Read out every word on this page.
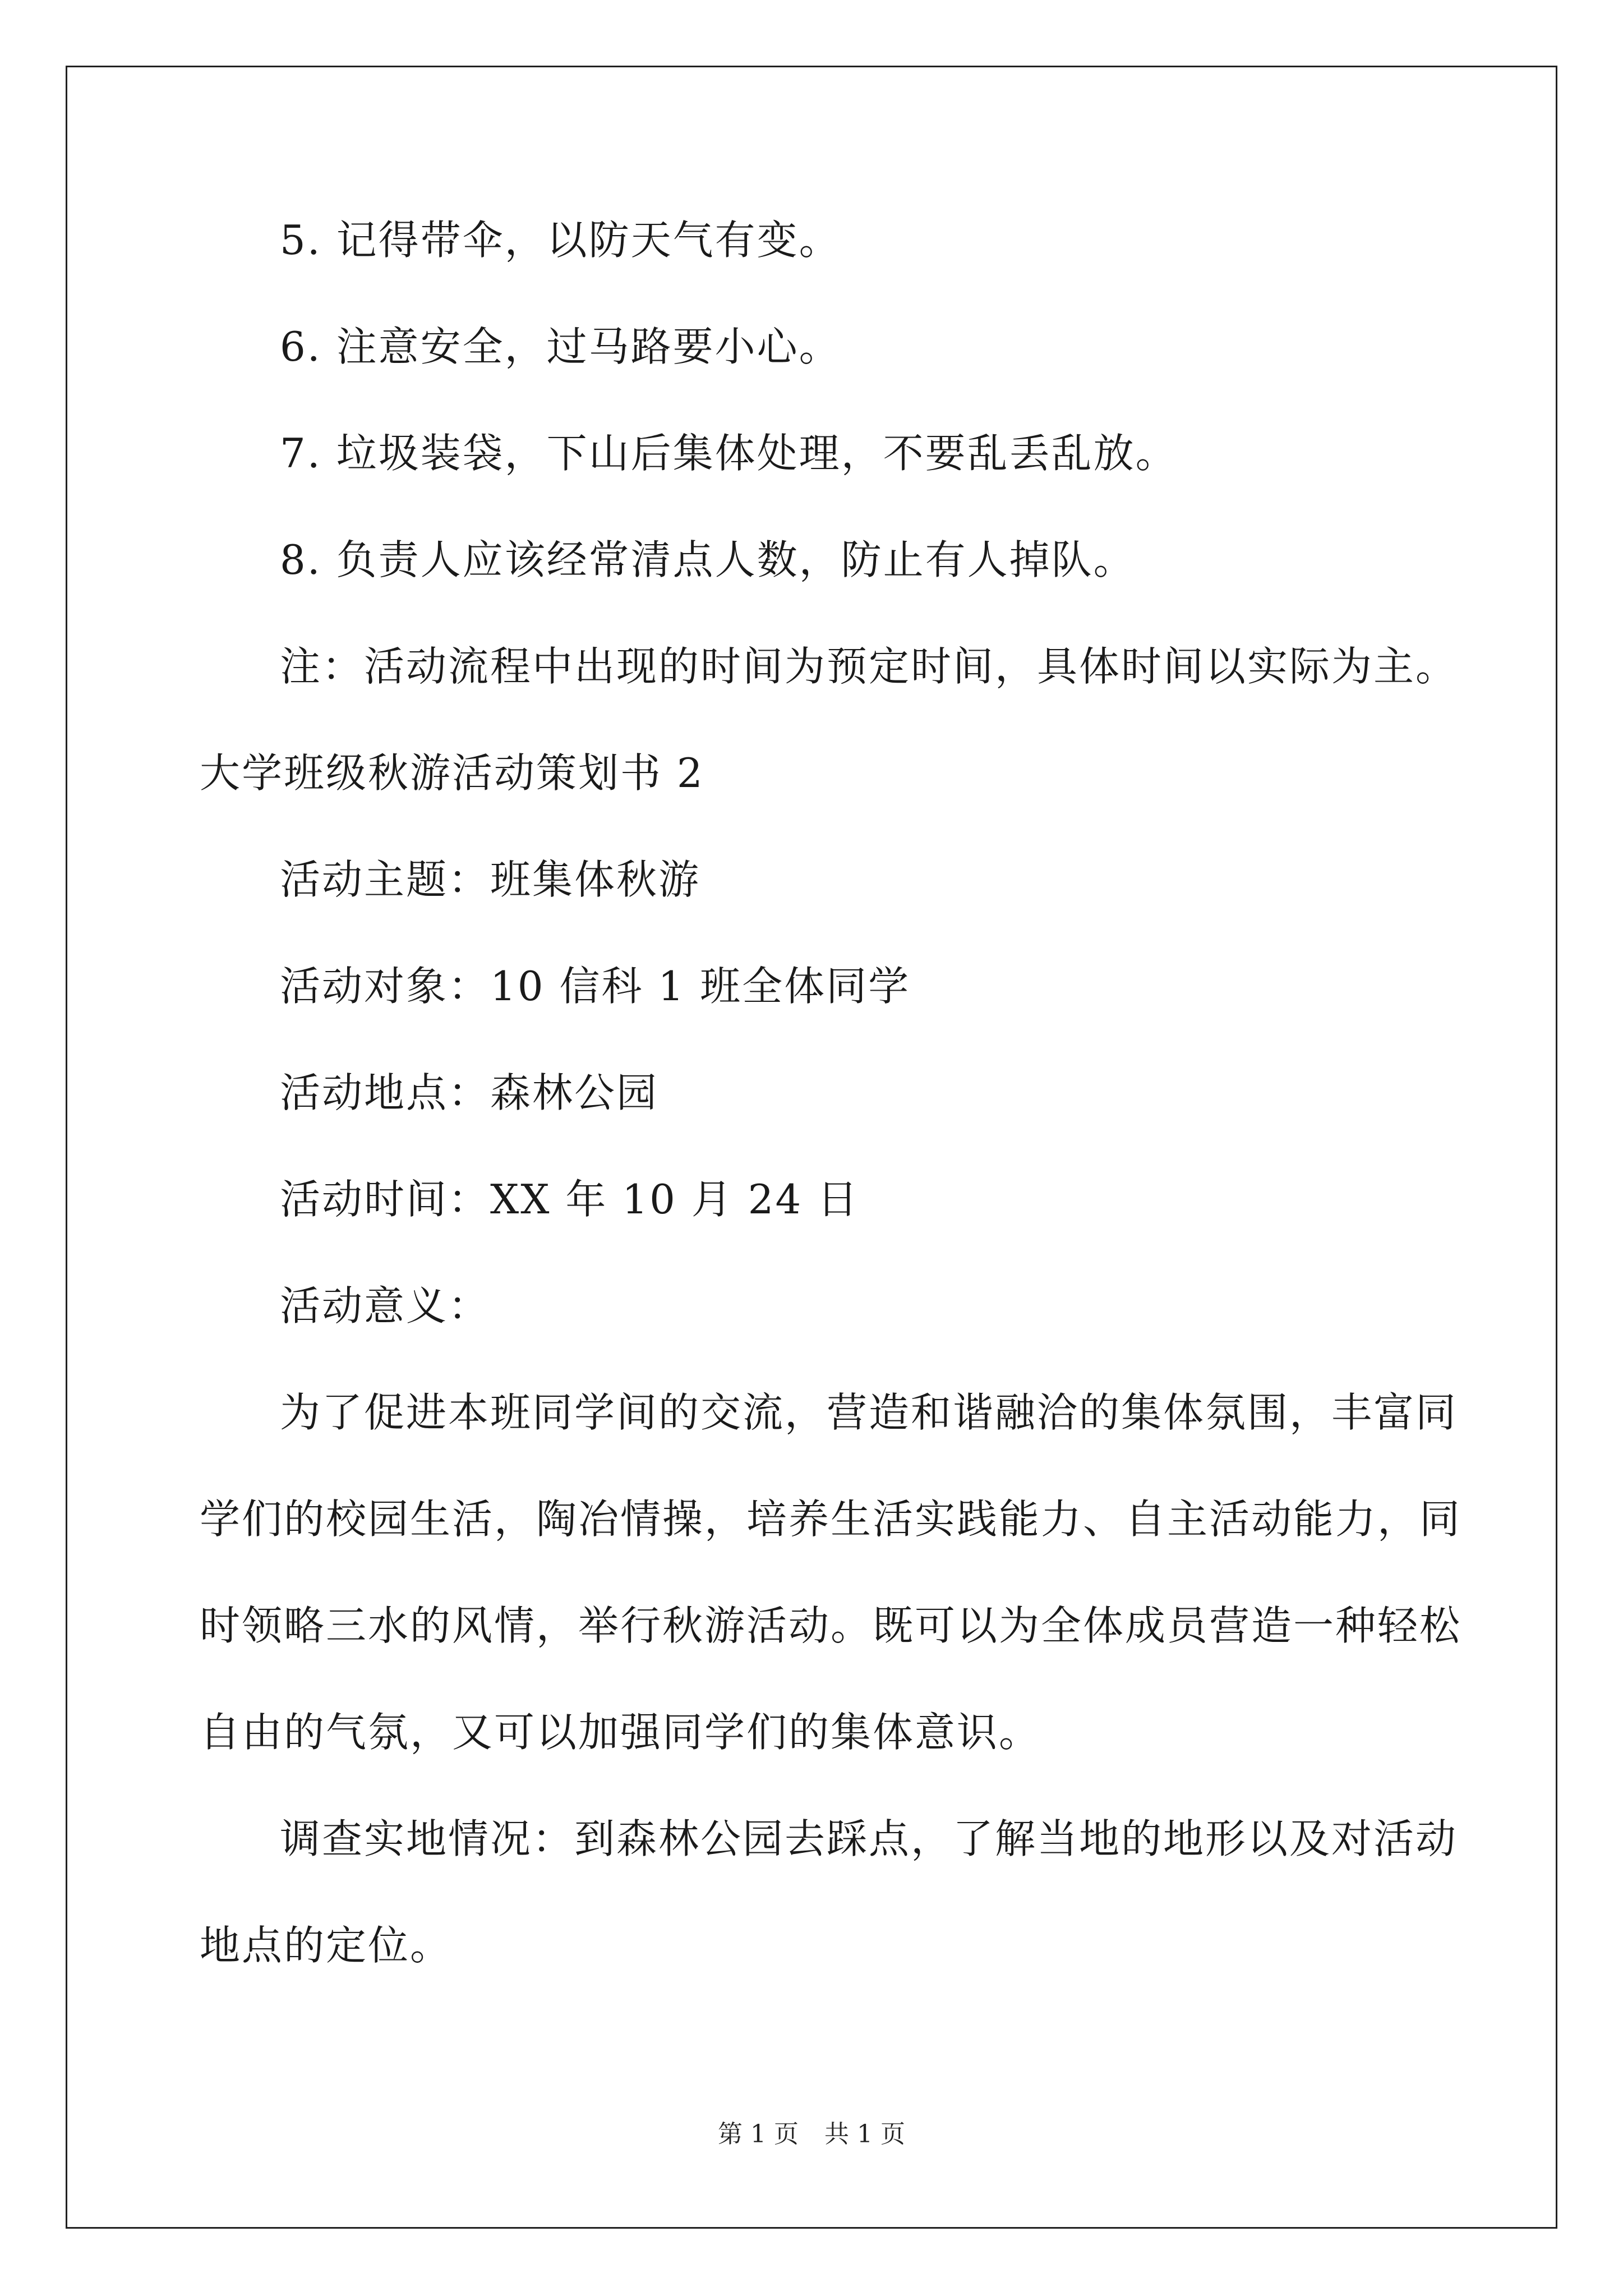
5. 记得带伞，以防天气有变。
6. 注意安全，过马路要小心。
7. 垃圾装袋，下山后集体处理，不要乱丢乱放。
8. 负责人应该经常清点人数，防止有人掉队。
注：活动流程中出现的时间为预定时间，具体时间以实际为主。
大学班级秋游活动策划书 2
活动主题：班集体秋游
活动对象：10 信科 1 班全体同学
活动地点：森林公园
活动时间：XX 年 10 月 24 日
活动意义：
为了促进本班同学间的交流，营造和谐融洽的集体氛围，丰富同
学们的校园生活，陶冶情操，培养生活实践能力、自主活动能力，同
时领略三水的风情，举行秋游活动。既可以为全体成员营造一种轻松
自由的气氛，又可以加强同学们的集体意识。
调查实地情况：到森林公园去踩点，了解当地的地形以及对活动
地点的定位。
第 1 页 共 1 页
